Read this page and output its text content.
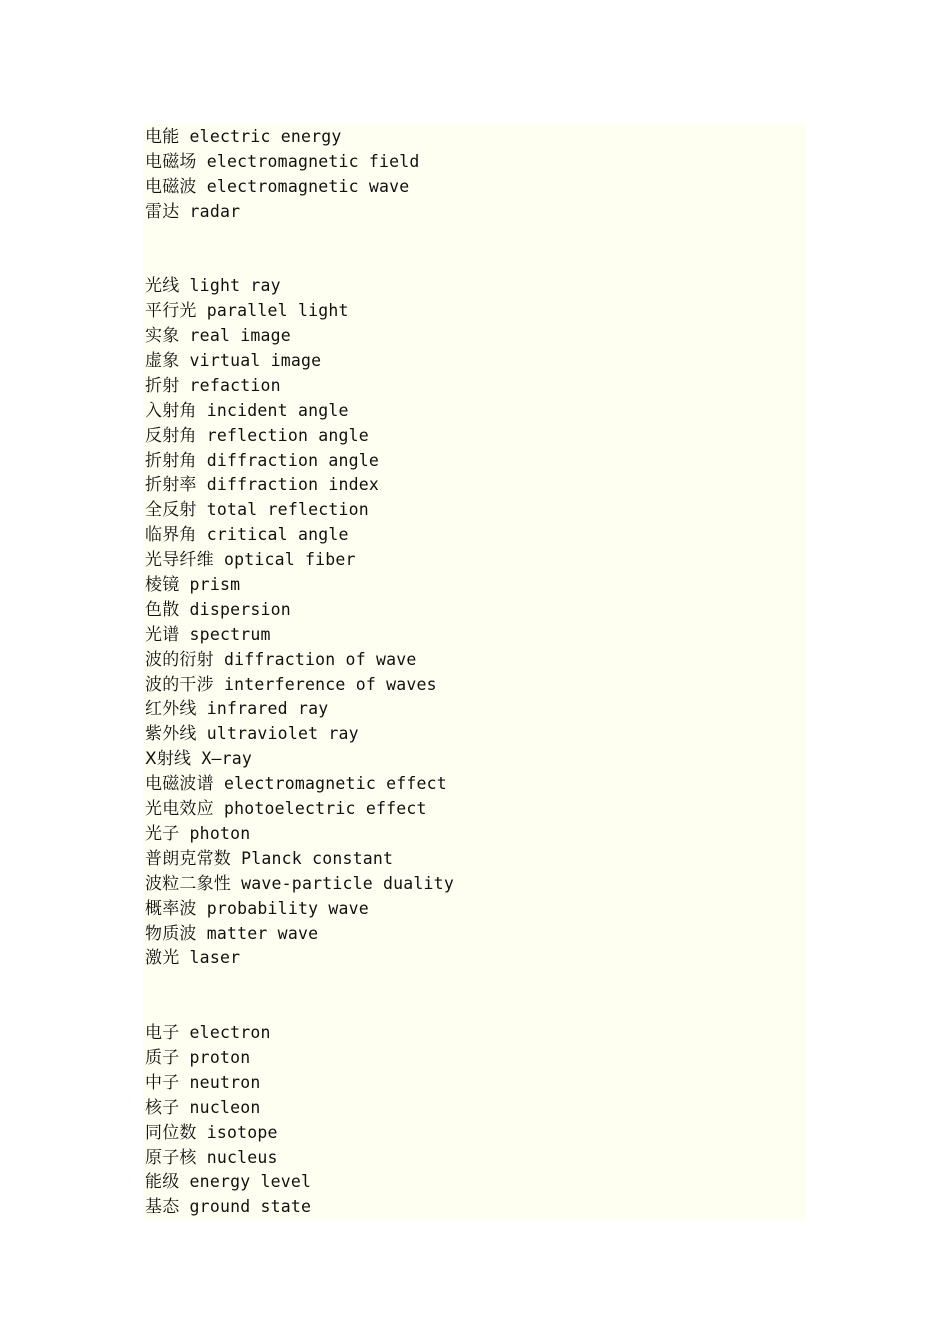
电能 electric energy
电磁场 electromagnetic field
电磁波 electromagnetic wave
雷达 radar
光线 light ray
平行光 parallel light
实象 real image
虚象 virtual image
折射 refaction
入射角 incident angle
反射角 reflection angle
折射角 diffraction angle
折射率 diffraction index
全反射 total reflection
临界角 critical angle
光导纤维 optical fiber
棱镜 prism
色散 dispersion
光谱 spectrum
波的衍射 diffraction of wave
波的干涉 interference of waves
红外线 infrared ray
紫外线 ultraviolet ray
X射线 X—ray
电磁波谱 electromagnetic effect
光电效应 photoelectric effect
光子 photon
普朗克常数 Planck constant
波粒二象性 wave-particle duality
概率波 probability wave
物质波 matter wave
激光 laser
电子 electron
质子 proton
中子 neutron
核子 nucleon
同位数 isotope
原子核 nucleus
能级 energy level
基态 ground state
